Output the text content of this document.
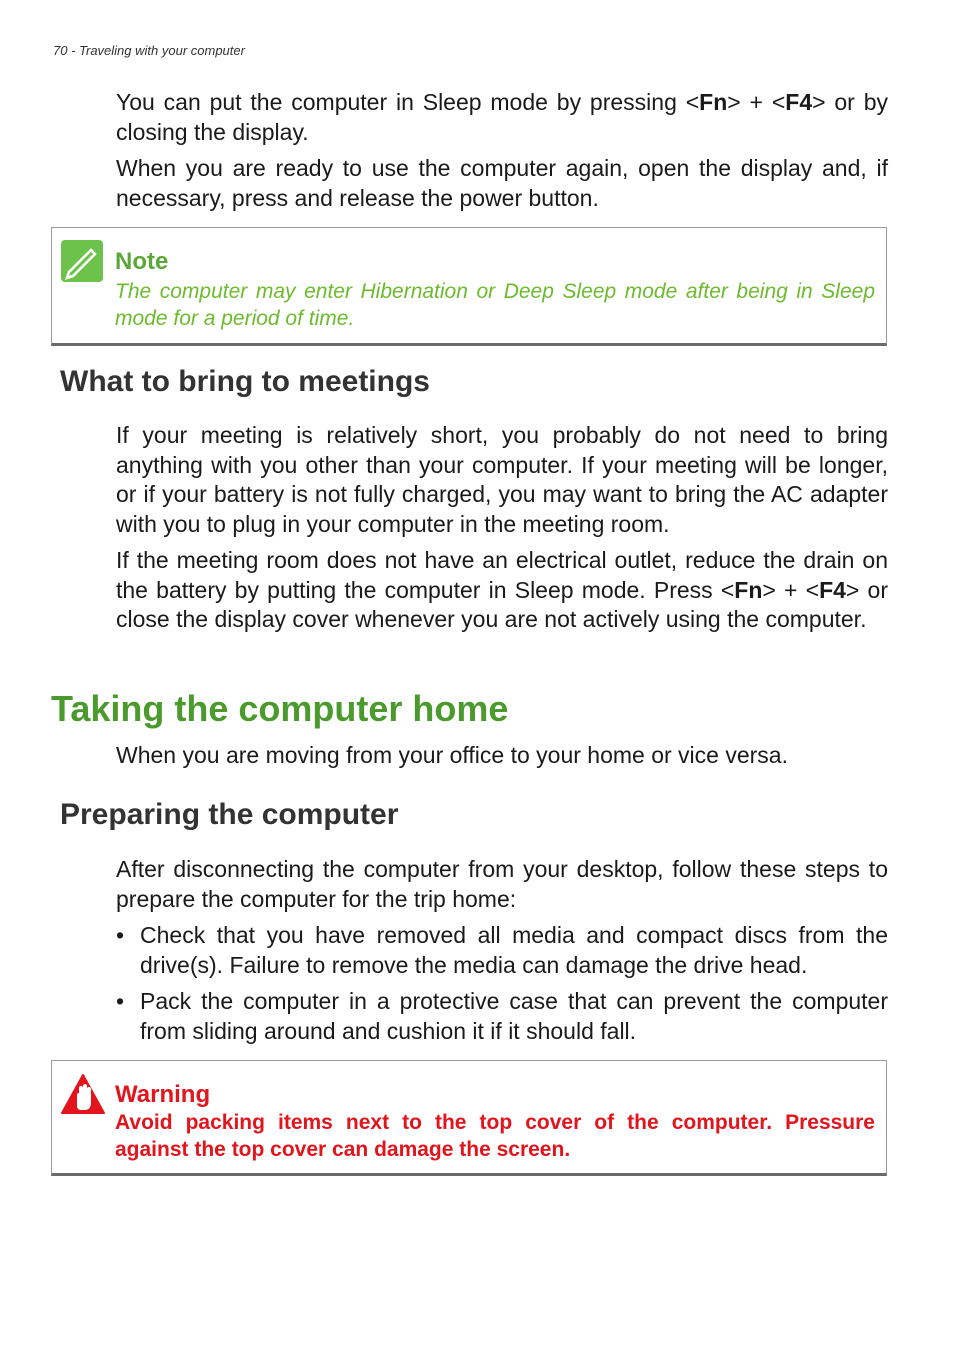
70 - Traveling with your computer

You can put the computer in Sleep mode by pressing <Fn> + <F4> or by closing the display.

When you are ready to use the computer again, open the display and, if necessary, press and release the power button.

Note

The computer may enter Hibernation or Deep Sleep mode after being in Sleep mode for a period of time.

What to bring to meetings

If your meeting is relatively short, you probably do not need to bring anything with you other than your computer. If your meeting will be longer, or if your battery is not fully charged, you may want to bring the AC adapter with you to plug in your computer in the meeting room.

If the meeting room does not have an electrical outlet, reduce the drain on the battery by putting the computer in Sleep mode. Press <Fn> + <F4> or close the display cover whenever you are not actively using the computer.

Taking the computer home

When you are moving from your office to your home or vice versa.

Preparing the computer

After disconnecting the computer from your desktop, follow these steps to prepare the computer for the trip home:

• Check that you have removed all media and compact discs from the drive(s). Failure to remove the media can damage the drive head.
• Pack the computer in a protective case that can prevent the computer from sliding around and cushion it if it should fall.
Warning

Avoid packing items next to the top cover of the computer. Pressure against the top cover can damage the screen.
